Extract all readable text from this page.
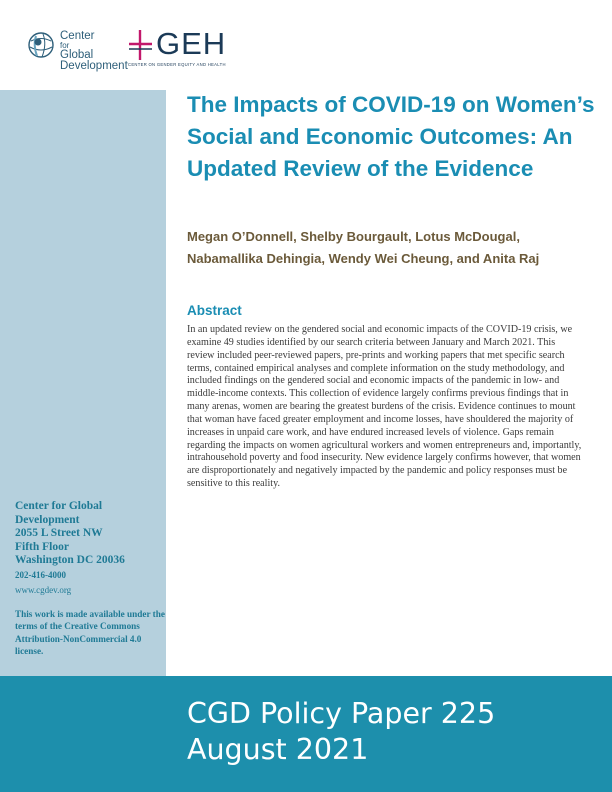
Center
for
Global
Development
GEH
CENTER ON GENDER EQUITY AND HEALTH
Center for Global
Development
2055 L Street NW
Fifth Floor
Washington DC 20036
202-416-4000
www.cgdev.org
This work is made available under the terms of the Creative Commons Attribution-NonCommercial 4.0 license.
The Impacts of COVID-19 on Women’s Social and Economic Outcomes: An Updated Review of the Evidence
Megan O’Donnell, Shelby Bourgault, Lotus McDougal, Nabamallika Dehingia, Wendy Wei Cheung, and Anita Raj
Abstract

In an updated review on the gendered social and economic impacts of the COVID-19 crisis, we examine 49 studies identified by our search criteria between January and March 2021. This review included peer-reviewed papers, pre-prints and working papers that met specific search terms, contained empirical analyses and complete information on the study methodology, and included findings on the gendered social and economic impacts of the pandemic in low- and middle-income contexts. This collection of evidence largely confirms previous findings that in many arenas, women are bearing the greatest burdens of the crisis. Evidence continues to mount that woman have faced greater employment and income losses, have shouldered the majority of increases in unpaid care work, and have endured increased levels of violence. Gaps remain regarding the impacts on women agricultural workers and women entrepreneurs and, importantly, intrahousehold poverty and food insecurity. New evidence largely confirms however, that women are disproportionately and negatively impacted by the pandemic and policy responses must be sensitive to this reality.

CGD Policy Paper 225
August 2021
